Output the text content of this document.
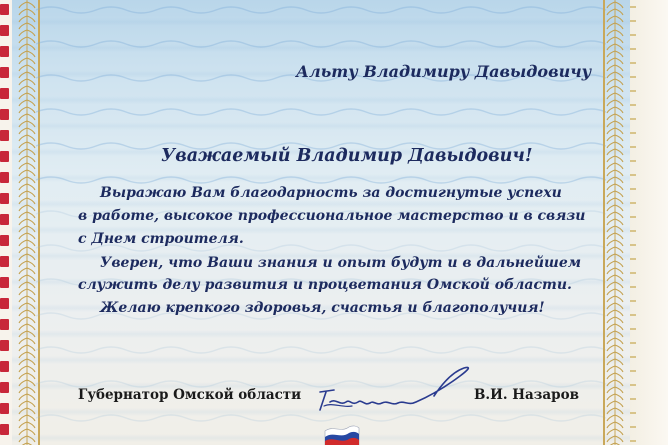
Альту Владимиру Давыдовичу
Уважаемый Владимир Давыдович!
Выражаю Вам благодарность за достигнутые успехи
в работе, высокое профессиональное мастерство и в связи
с Днем строителя.
Уверен, что Ваши знания и опыт будут и в дальнейшем
служить делу развития и процветания Омской области.
Желаю крепкого здоровья, счастья и благополучия!
Губернатор Омской области	В.И. Назаров
